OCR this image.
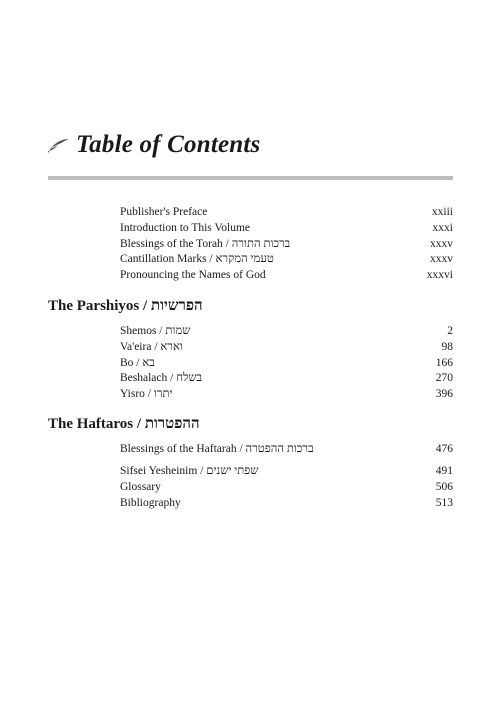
Table of Contents
Publisher's Preface	xxiii
Introduction to This Volume	xxxi
Blessings of the Torah / ברכות התורה	xxxv
Cantillation Marks / טעמי המקרא	xxxv
Pronouncing the Names of God	xxxvi
The Parshiyos / הפרשיות
Shemos / שמות	2
Va'eira / וארא	98
Bo / בא	166
Beshalach / בשלח	270
Yisro / יתרו	396
The Haftaros / ההפטרות
Blessings of the Haftarah / ברכות ההפטרה	476
Sifsei Yesheinim / שפתי ישנים	491
Glossary	506
Bibliography	513
